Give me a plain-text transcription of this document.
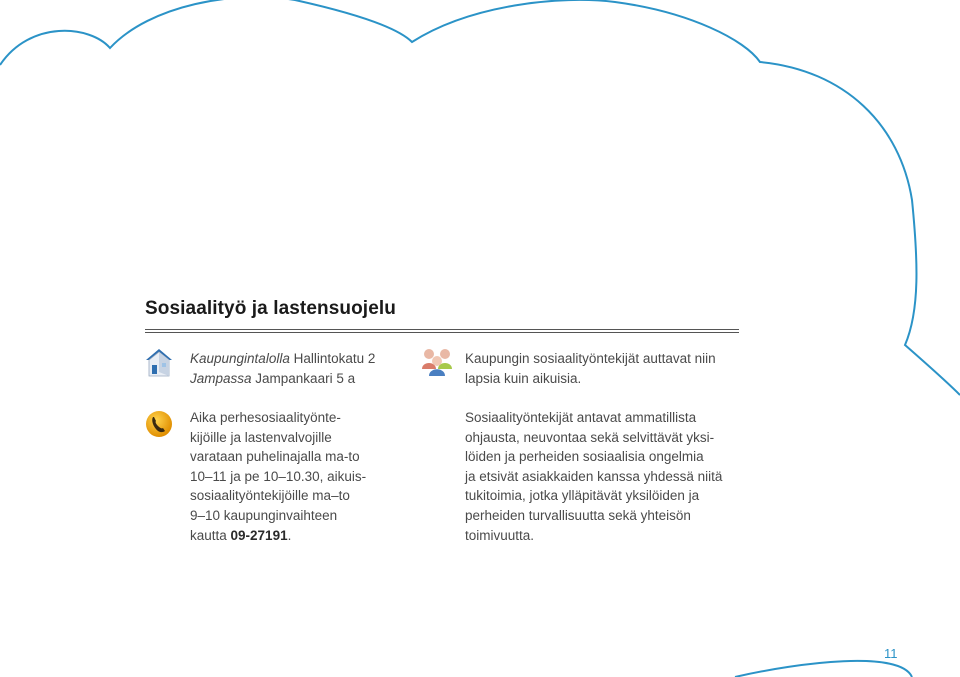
Sosiaalityö ja lastensuojelu
Kaupungintalolla Hallintokatu 2
Jampassa Jampankaari 5 a
Aika perhesosiaalityönte-
kijöille ja lastenvalvojille
varataan puhelinajalla ma-to
10–11 ja pe 10–10.30, aikuis-
sosiaalityöntekijöille ma–to
9–10 kaupunginvaihteen
kautta 09-27191.
Kaupungin sosiaalityöntekijät auttavat niin
lapsia kuin aikuisia.
Sosiaalityöntekijät antavat ammatillista
ohjausta, neuvontaa sekä selvittävät yksi-
löiden ja perheiden sosiaalisia ongelmia
ja etsivät asiakkaiden kanssa yhdessä niitä
tukitoimia, jotka ylläpitävät yksilöiden ja
perheiden turvallisuutta sekä yhteisön
toimivuutta.
11
